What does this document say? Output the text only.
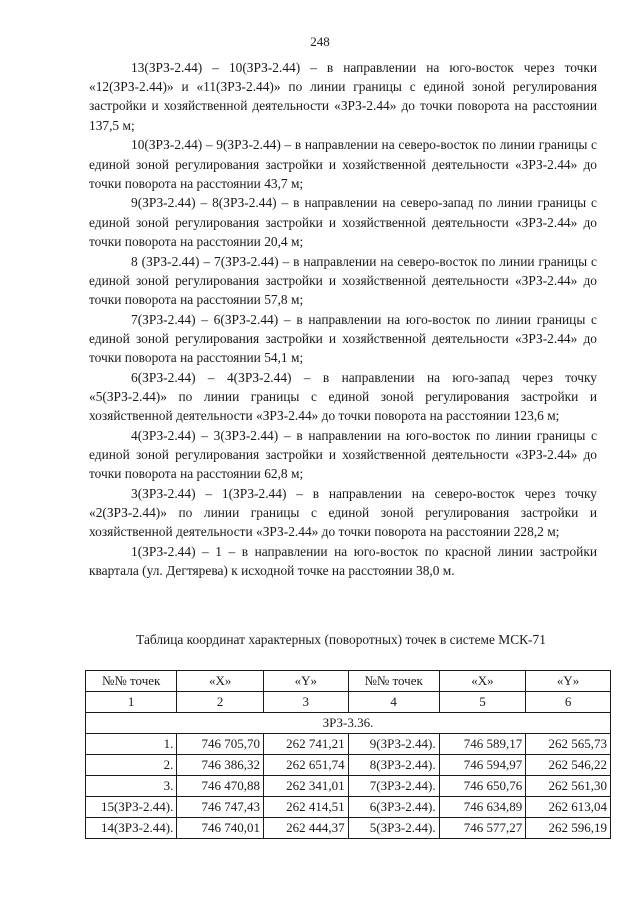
248

13(ЗРЗ-2.44) – 10(ЗРЗ-2.44) – в направлении на юго-восток через точки «12(ЗРЗ-2.44)» и «11(ЗРЗ-2.44)» по линии границы с единой зоной регулирования застройки и хозяйственной деятельности «ЗРЗ-2.44» до точки поворота на расстоянии 137,5 м;

10(ЗРЗ-2.44) – 9(ЗРЗ-2.44) – в направлении на северо-восток по линии границы с единой зоной регулирования застройки и хозяйственной деятельности «ЗРЗ-2.44» до точки поворота на расстоянии 43,7 м;

9(ЗРЗ-2.44) – 8(ЗРЗ-2.44) – в направлении на северо-запад по линии границы с единой зоной регулирования застройки и хозяйственной деятельности «ЗРЗ-2.44» до точки поворота на расстоянии 20,4 м;

8 (ЗРЗ-2.44) – 7(ЗРЗ-2.44) – в направлении на северо-восток по линии границы с единой зоной регулирования застройки и хозяйственной деятельности «ЗРЗ-2.44» до точки поворота на расстоянии 57,8 м;

7(ЗРЗ-2.44) – 6(ЗРЗ-2.44) – в направлении на юго-восток по линии границы с единой зоной регулирования застройки и хозяйственной деятельности «ЗРЗ-2.44» до точки поворота на расстоянии 54,1 м;

6(ЗРЗ-2.44) – 4(ЗРЗ-2.44) – в направлении на юго-запад через точку «5(ЗРЗ-2.44)» по линии границы с единой зоной регулирования застройки и хозяйственной деятельности «ЗРЗ-2.44» до точки поворота на расстоянии 123,6 м;

4(ЗРЗ-2.44) – 3(ЗРЗ-2.44) – в направлении на юго-восток по линии границы с единой зоной регулирования застройки и хозяйственной деятельности «ЗРЗ-2.44» до точки поворота на расстоянии 62,8 м;

3(ЗРЗ-2.44) – 1(ЗРЗ-2.44) – в направлении на северо-восток через точку «2(ЗРЗ-2.44)» по линии границы с единой зоной регулирования застройки и хозяйственной деятельности «ЗРЗ-2.44» до точки поворота на расстоянии 228,2 м;

1(ЗРЗ-2.44) – 1 – в направлении на юго-восток по красной линии застройки квартала (ул. Дегтярева) к исходной точке на расстоянии 38,0 м.

Таблица координат характерных (поворотных) точек в системе МСК-71
№№ точек	«X»	«Y»	№№ точек	«X»	«Y»
1	2	3	4	5	6
ЗРЗ-3.36.					
1.	746 705,70	262 741,21	9(ЗРЗ-2.44).	746 589,17	262 565,73
2.	746 386,32	262 651,74	8(ЗРЗ-2.44).	746 594,97	262 546,22
3.	746 470,88	262 341,01	7(ЗРЗ-2.44).	746 650,76	262 561,30
15(ЗРЗ-2.44).	746 747,43	262 414,51	6(ЗРЗ-2.44).	746 634,89	262 613,04
14(ЗРЗ-2.44).	746 740,01	262 444,37	5(ЗРЗ-2.44).	746 577,27	262 596,19
